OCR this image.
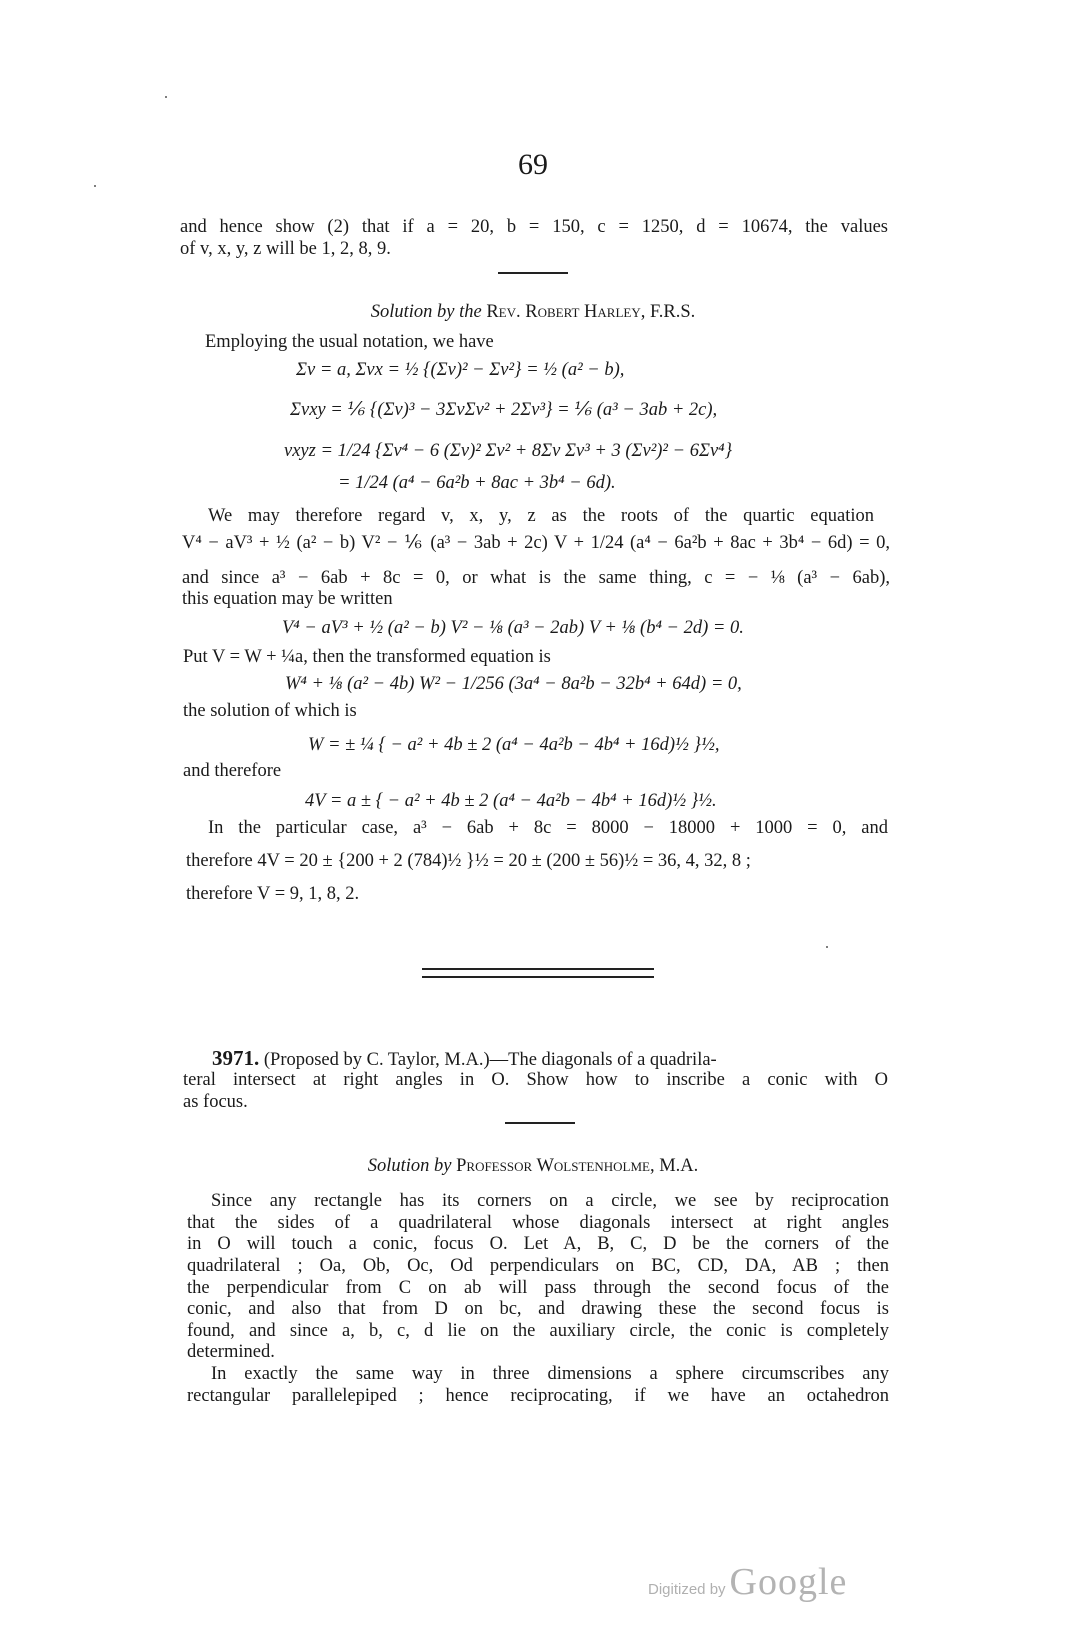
69
and hence show (2) that if a = 20, b = 150, c = 1250, d = 10674, the values
of v, x, y, z will be 1, 2, 8, 9.
Solution by the Rev. Robert Harley, F.R.S.
Employing the usual notation, we have
Σv = a, Σvx = ½ {(Σv)² − Σv²} = ½ (a² − b),
Σvxy = ⅙ {(Σv)³ − 3ΣvΣv² + 2Σv³} = ⅙ (a³ − 3ab + 2c),
vxyz = 1/24 {Σv⁴ − 6 (Σv)² Σv² + 8Σv Σv³ + 3 (Σv²)² − 6Σv⁴}
= 1/24 (a⁴ − 6a²b + 8ac + 3b⁴ − 6d).
We may therefore regard v, x, y, z as the roots of the quartic equation
V⁴ − aV³ + ½ (a² − b) V² − ⅙ (a³ − 3ab + 2c) V + 1/24 (a⁴ − 6a²b + 8ac + 3b⁴ − 6d) = 0,
and since a³ − 6ab + 8c = 0, or what is the same thing, c = − ⅛ (a³ − 6ab),
this equation may be written
V⁴ − aV³ + ½ (a² − b) V² − ⅛ (a³ − 2ab) V + ⅛ (b⁴ − 2d) = 0.
Put V = W + ¼a, then the transformed equation is
W⁴ + ⅛ (a² − 4b) W² − 1/256 (3a⁴ − 8a²b − 32b⁴ + 64d) = 0,
the solution of which is
W = ± ¼ { − a² + 4b ± 2 (a⁴ − 4a²b − 4b⁴ + 16d)½ }½,
and therefore
4V = a ± { − a² + 4b ± 2 (a⁴ − 4a²b − 4b⁴ + 16d)½ }½.
In the particular case, a³ − 6ab + 8c = 8000 − 18000 + 1000 = 0, and
therefore 4V = 20 ± {200 + 2 (784)½ }½ = 20 ± (200 ± 56)½ = 36, 4, 32, 8 ;
therefore V = 9, 1, 8, 2.
3971. (Proposed by C. Taylor, M.A.)—The diagonals of a quadrila-
teral intersect at right angles in O. Show how to inscribe a conic with O
as focus.
Solution by Professor Wolstenholme, M.A.
Since any rectangle has its corners on a circle, we see by reciprocation
that the sides of a quadrilateral whose diagonals intersect at right angles
in O will touch a conic, focus O. Let A, B, C, D be the corners of the
quadrilateral ; Oa, Ob, Oc, Od perpendiculars on BC, CD, DA, AB ; then
the perpendicular from C on ab will pass through the second focus of the
conic, and also that from D on bc, and drawing these the second focus is
found, and since a, b, c, d lie on the auxiliary circle, the conic is completely
determined.
In exactly the same way in three dimensions a sphere circumscribes any
rectangular parallelepiped ; hence reciprocating, if we have an octahedron
Digitized by Google
